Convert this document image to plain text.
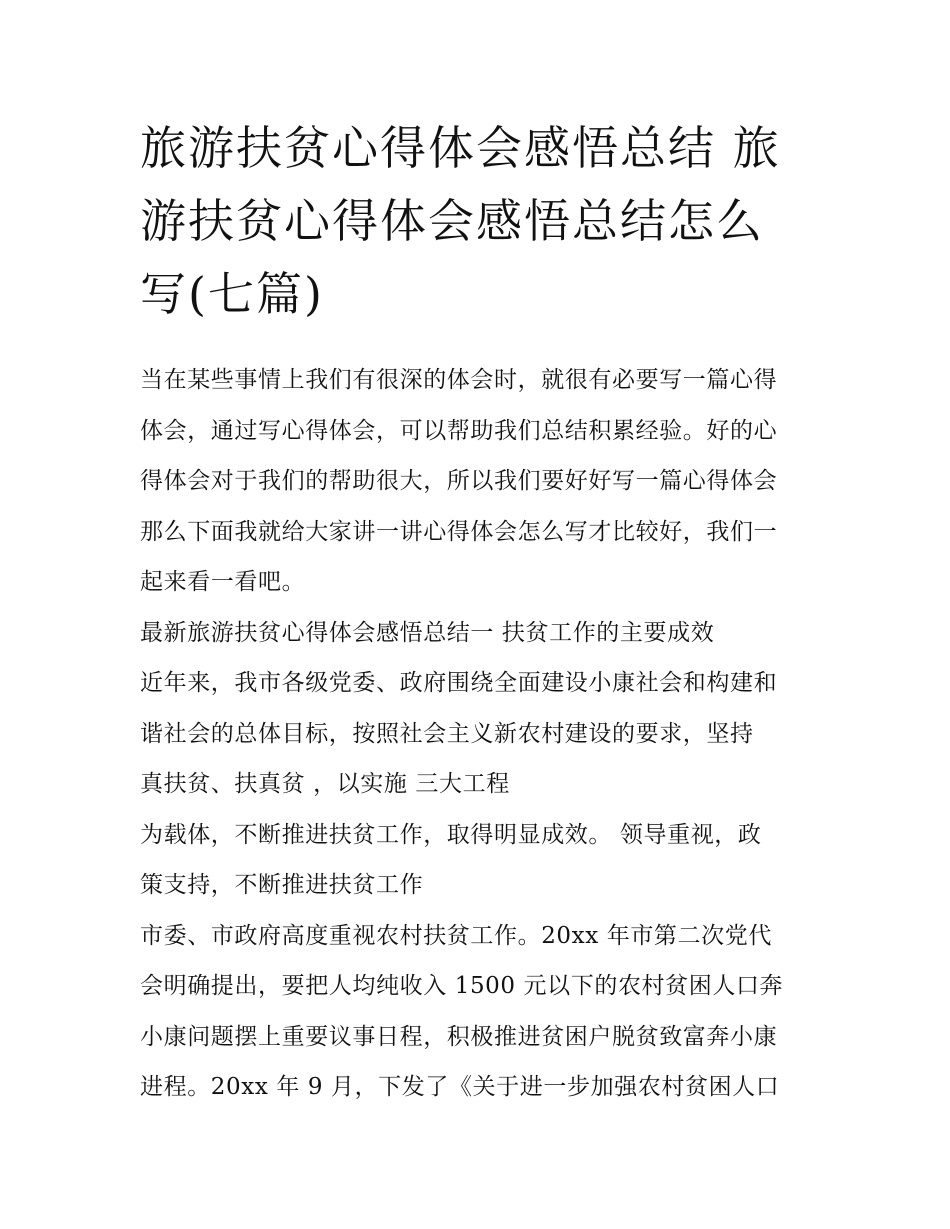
旅游扶贫心得体会感悟总结 旅
游扶贫心得体会感悟总结怎么
写(七篇)
当在某些事情上我们有很深的体会时，就很有必要写一篇心得
体会，通过写心得体会，可以帮助我们总结积累经验。好的心
得体会对于我们的帮助很大，所以我们要好好写一篇心得体会
那么下面我就给大家讲一讲心得体会怎么写才比较好，我们一
起来看一看吧。
最新旅游扶贫心得体会感悟总结一 扶贫工作的主要成效
近年来，我市各级党委、政府围绕全面建设小康社会和构建和
谐社会的总体目标，按照社会主义新农村建设的要求，坚持
真扶贫、扶真贫 ，以实施 三大工程
为载体，不断推进扶贫工作，取得明显成效。 领导重视，政
策支持，不断推进扶贫工作
市委、市政府高度重视农村扶贫工作。20xx 年市第二次党代
会明确提出，要把人均纯收入 1500 元以下的农村贫困人口奔
小康问题摆上重要议事日程，积极推进贫困户脱贫致富奔小康
进程。20xx 年 9 月，下发了《关于进一步加强农村贫困人口
